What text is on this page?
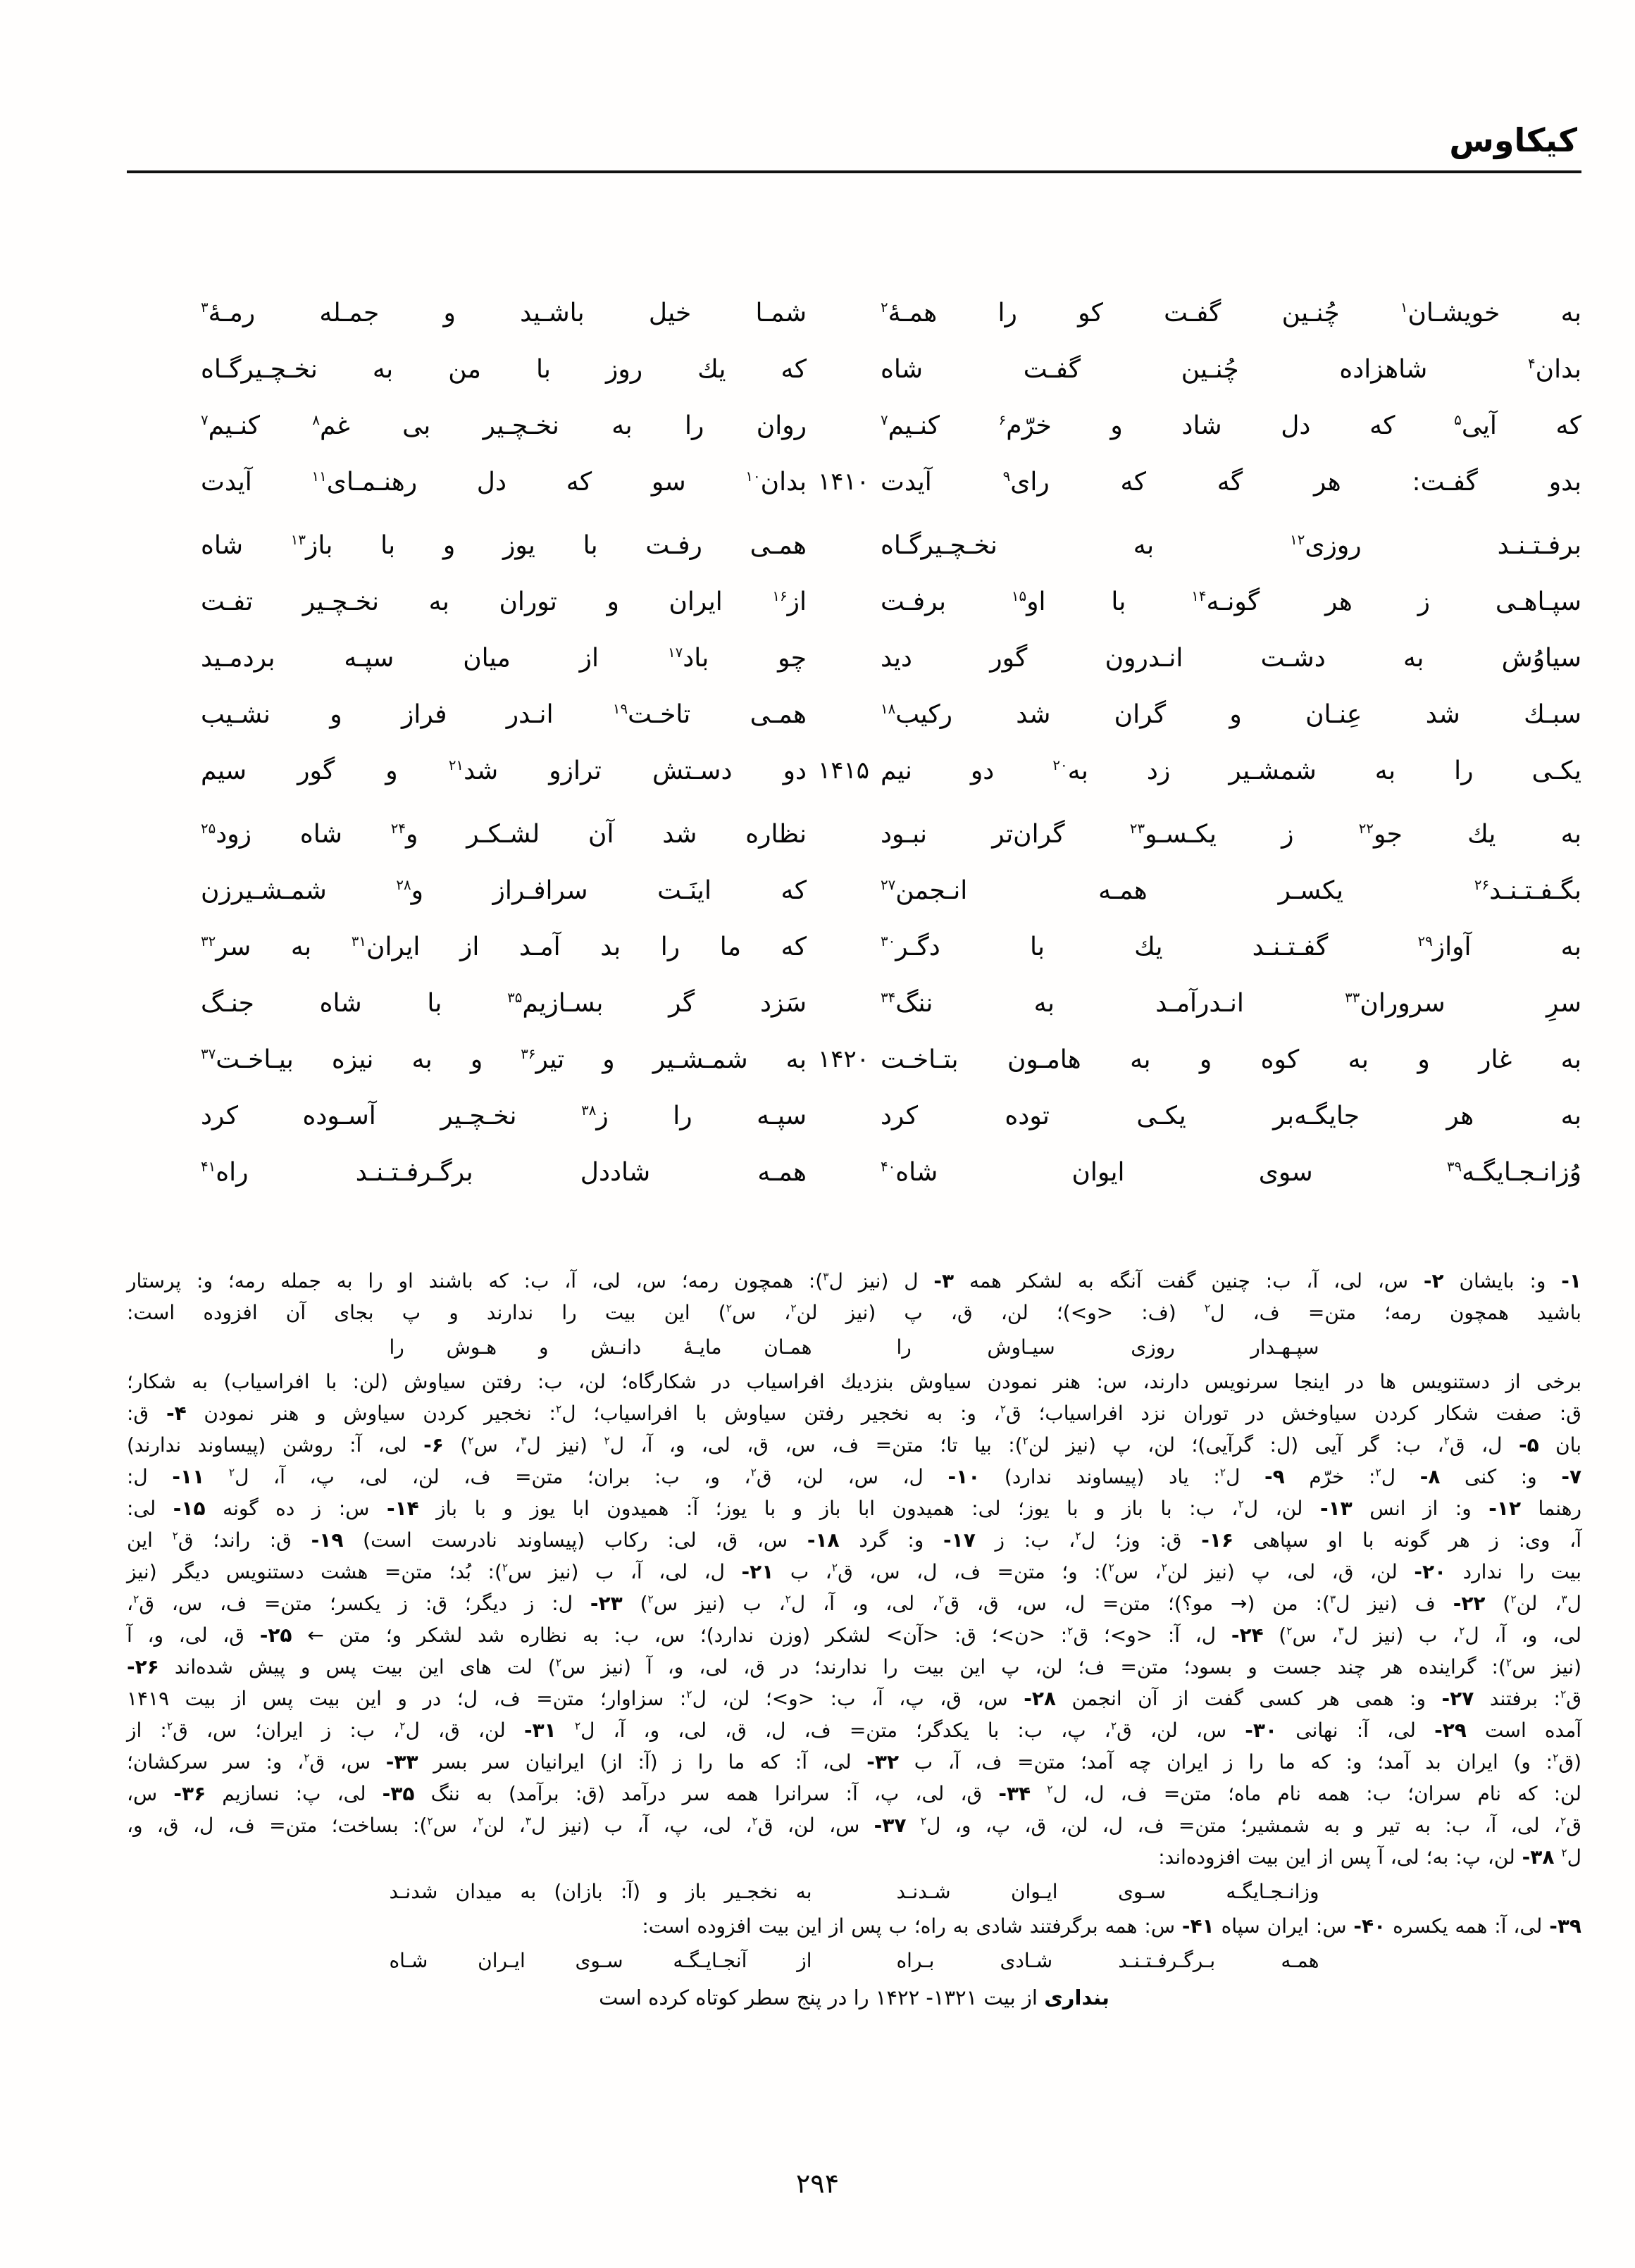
کیکاوس
به خویشـان$^۱$ چُنـین گفـت کو را همـۀ$^۲$
شمـا خیل باشـید و جمـله رمـۀ$^۳$
بدان$^۴$ شاهزاده چُنـین گفـت شاه
که یك روز با من به نخـچـیرگـاه
که آیی$^۵$ که دل شاد و خرّم$^۶$ کنـیم$^۷$
روان را به نخـچـیر بی غم$^۸$ کنـیم$^۷$
بدو گفـت: هر گه که رای$^۹$ آیدت
۱۴۱۰
بدان$^{۱۰}$ سو که دل رهنـمـای$^{۱۱}$ آیدت
برفـتـنـد روزی$^{۱۲}$ به نخـچـیرگـاه
همـی رفـت با یوز و با باز$^{۱۳}$ شاه
سپـاهـی ز هر گونـه$^{۱۴}$ با او$^{۱۵}$ برفـت
از$^{۱۶}$ ایران و توران به نخـچـیر تفـت
سیاوُش به دشـت انـدرون گور دید
چو باد$^{۱۷}$ از میان سپـه بردمـید
سبـك شد عِنـان و گران شد رکیب$^{۱۸}$
همـی تاخـت$^{۱۹}$ انـدر فراز و نشـیب
یکـی را به شمشـیر زد به$^{۲۰}$ دو نیم
۱۴۱۵
دو دسـتش ترازو شد$^{۲۱}$ و گور سیم
به یك جو$^{۲۲}$ ز یکـسـو$^{۲۳}$ گران‌تر نبـود
نظاره شد آن لشـکـر و$^{۲۴}$ شاه زود$^{۲۵}$
بگـفـتـنـد$^{۲۶}$ یکسـر همـه انـجمن$^{۲۷}$
که اینَـت سرافـراز و$^{۲۸}$ شمـشـیرزن
به آواز$^{۲۹}$ گفـتـنـد یك با دگـر$^{۳۰}$
که ما را بد آمـد از ایران$^{۳۱}$ به سر$^{۳۲}$
سرِ سروران$^{۳۳}$ انـدرآمـد به ننگ$^{۳۴}$
سَزد گر بسـازیم$^{۳۵}$ با شاه جنـگ
به غار و به کوه و به هامـون بتـاخـت
۱۴۲۰
به شمـشـیر و تیر$^{۳۶}$ و به نیزه بیـاخـت$^{۳۷}$
به هر جایگـه‌بر یکـی توده کرد
سپـه را ز$^{۳۸}$ نخـچـیر آسـوده کرد
وُزانـجـایگـه$^{۳۹}$ سوی ایوان شاه$^{۴۰}$
همـه شاددل برگـرفـتـنـد راه$^{۴۱}$
۱- و: بایشان ۲- س، لی، آ، ب: چنین گفت آنگه به لشکر همه ۳- ل (نیز ل$^۳$): همچون رمه؛ س، لی، آ، ب: که باشند او را به جمله رمه؛ و: پرستار
باشید همچون رمه؛ متن= ف، ل$^۲$ (ف: <و>)؛ لن، ق، پ (نیز لن$^۲$، س$^۲$) این بیت را ندارند و پ بجای آن افزوده است:
سپـهـدار روزی سیـاوش را
همـان مایـۀ دانـش و هـوش را
برخی از دستنویس ها در اینجا سرنویس دارند، س: هنر نمودن سیاوش بنزدیك افراسیاب در شکارگاه؛ لن، ب: رفتن سیاوش (لن: با افراسیاب) به شکار؛
ق: صفت شکار کردن سیاوخش در توران نزد افراسیاب؛ ق$^۲$، و: به نخجیر رفتن سیاوش با افراسیاب؛ ل$^۲$: نخجیر کردن سیاوش و هنر نمودن ۴- ق:
بان ۵- ل، ق$^۲$، ب: گر آیی (ل: گرآیی)؛ لن، پ (نیز لن$^۲$): بیا تا؛ متن= ف، س، ق، لی، و، آ، ل$^۲$ (نیز ل$^۳$، س$^۲$) ۶- لی، آ: روشن (پیساوند ندارند)
۷- و: کنی ۸- ل$^۲$: خرّم ۹- ل$^۲$: یاد (پیساوند ندارد) ۱۰- ل، س، لن، ق$^۲$، و، ب: بران؛ متن= ف، لن، لی، پ، آ، ل$^۲$ ۱۱- ل:
رهنما ۱۲- و: از انس ۱۳- لن، ل$^۲$، ب: با باز و با یوز؛ لی: همیدون ابا باز و با یوز؛ آ: همیدون ابا یوز و با باز ۱۴- س: ز ده گونه ۱۵- لی:
آ، وی: ز هر گونه با او سپاهی ۱۶- ق: وز؛ ل$^۲$، ب: ز ۱۷- و: گرد ۱۸- س، ق، لی: رکاب (پیساوند نادرست است) ۱۹- ق: راند؛ ق$^۲$ این
بیت را ندارد ۲۰- لن، ق، لی، پ (نیز لن$^۲$، س$^۲$): و؛ متن= ف، ل، س، ق$^۲$، ب ۲۱- ل، لی، آ، ب (نیز س$^۲$): بُد؛ متن= هشت دستنویس دیگر (نیز
ل$^۳$، لن$^۲$) ۲۲- ف (نیز ل$^۳$): من (→ مو؟)؛ متن= ل، س، ق، ق$^۲$، لی، و، آ، ل$^۲$، ب (نیز س$^۲$) ۲۳- ل: ز دیگر؛ ق: ز یکسر؛ متن= ف، س، ق$^۲$،
لی، و، آ، ل$^۲$، ب (نیز ل$^۳$، س$^۲$) ۲۴- ل، آ: <و>؛ ق$^۲$: <ن>؛ ق: <آن> لشکر (وزن ندارد)؛ س، ب: به نظاره شد لشکر و؛ متن ← ۲۵- ق، لی، و، آ
(نیز س$^۲$): گراینده هر چند جست و بسود؛ متن= ف؛ لن، پ این بیت را ندارند؛ در ق، لی، و، آ (نیز س$^۲$) لت های این بیت پس و پیش شده‌اند ۲۶-
ق$^۲$: برفتند ۲۷- و: همی هر کسی گفت از آن انجمن ۲۸- س، ق، پ، آ، ب: <و>؛ لن، ل$^۲$: سزاوار؛ متن= ف، ل؛ در و این بیت پس از بیت ۱۴۱۹
آمده است ۲۹- لی، آ: نهانی ۳۰- س، لن، ق$^۲$، پ، ب: با یکدگر؛ متن= ف، ل، ق، لی، و، آ، ل$^۲$ ۳۱- لن، ق، ل$^۲$، ب: ز ایران؛ س، ق$^۲$: از
(ق$^۲$: و) ایران بد آمد؛ و: که ما را ز ایران چه آمد؛ متن= ف، آ، ب ۳۲- لی، آ: که ما را ز (آ: از) ایرانیان سر بسر ۳۳- س، ق$^۲$، و: سر سرکشان؛
لن: که نام سران؛ ب: همه نام ماه؛ متن= ف، ل، ل$^۲$ ۳۴- ق، لی، پ، آ: سرانرا همه سر درآمد (ق: برآمد) به ننگ ۳۵- لی، پ: نسازیم ۳۶- س،
ق$^۲$، لی، آ، ب: به تیر و به شمشیر؛ متن= ف، ل، لن، ق، پ، و، ل$^۲$ ۳۷- س، لن، ق$^۲$، لی، پ، آ، ب (نیز ل$^۳$، لن$^۲$، س$^۲$): بساخت؛ متن= ف، ل، ق، و،
ل$^۲$ ۳۸- لن، پ: به؛ لی، آ پس از این بیت افزوده‌اند:
وزانـجـایگـه سـوی ایـوان شـدنـد
به نخجـیر باز و (آ: بازان) به میدان شدنـد
۳۹- لی، آ: همه یکسره ۴۰- س: ایران سپاه ۴۱- س: همه برگرفتند شادی به راه؛ ب پس از این بیت افزوده است:
همـه بـرگـرفـتـنـد شـادی بـراه
از آنجـایـگـه سـوی ایـران شـاه
بنداری از بیت ۱۳۲۱- ۱۴۲۲ را در پنج سطر کوتاه کرده است
۲۹۴
